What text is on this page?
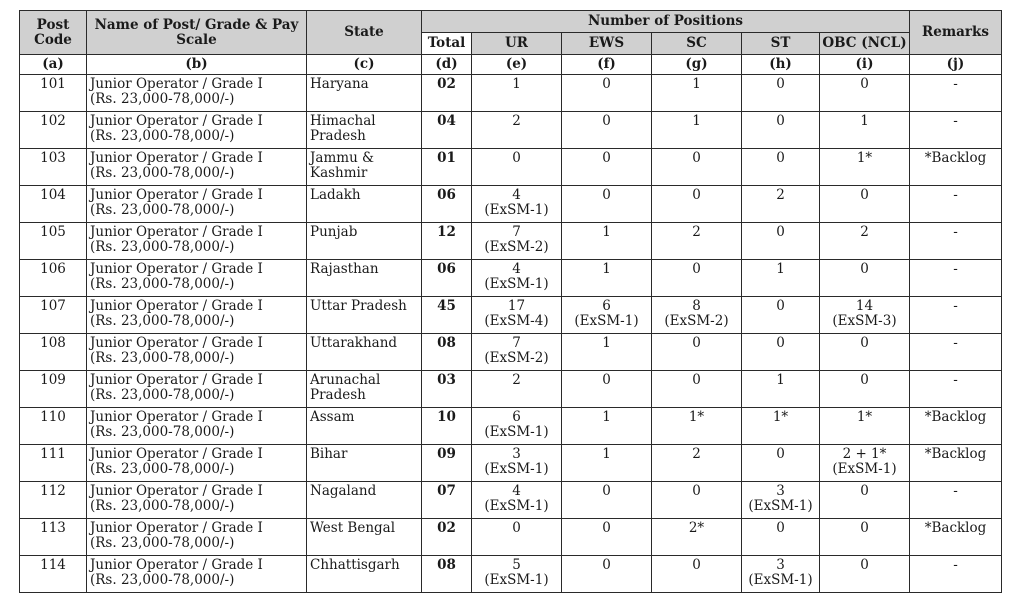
Post Code	Name of Post/ Grade & Pay Scale	State	Number of Positions						Remarks
			Total	UR	EWS	SC	ST	OBC (NCL)	
(a)	(b)	(c)	(d)	(e)	(f)	(g)	(h)	(i)	(j)

101	Junior Operator / Grade I
(Rs. 23,000-78,000/-)	Haryana	02	1	0	1	0	0	-

102	Junior Operator / Grade I
(Rs. 23,000-78,000/-)	Himachal Pradesh	04	2	0	1	0	1	-

103	Junior Operator / Grade I
(Rs. 23,000-78,000/-)	Jammu & Kashmir	01	0	0	0	0	1*	*Backlog

104	Junior Operator / Grade I
(Rs. 23,000-78,000/-)	Ladakh	06	4
(ExSM-1)	0	0	2	0	-

105	Junior Operator / Grade I
(Rs. 23,000-78,000/-)	Punjab	12	7
(ExSM-2)	1	2	0	2	-

106	Junior Operator / Grade I
(Rs. 23,000-78,000/-)	Rajasthan	06	4
(ExSM-1)	1	0	1	0	-

107	Junior Operator / Grade I
(Rs. 23,000-78,000/-)	Uttar Pradesh	45	17
(ExSM-4)	6
(ExSM-1)	8
(ExSM-2)	0	14
(ExSM-3)	-

108	Junior Operator / Grade I
(Rs. 23,000-78,000/-)	Uttarakhand	08	7
(ExSM-2)	1	0	0	0	-

109	Junior Operator / Grade I
(Rs. 23,000-78,000/-)	Arunachal Pradesh	03	2	0	0	1	0	-

110	Junior Operator / Grade I
(Rs. 23,000-78,000/-)	Assam	10	6
(ExSM-1)	1	1*	1*	1*	*Backlog

111	Junior Operator / Grade I
(Rs. 23,000-78,000/-)	Bihar	09	3
(ExSM-1)	1	2	0	2 + 1*
(ExSM-1)	*Backlog

112	Junior Operator / Grade I
(Rs. 23,000-78,000/-)	Nagaland	07	4
(ExSM-1)	0	0	3
(ExSM-1)	0	-

113	Junior Operator / Grade I
(Rs. 23,000-78,000/-)	West Bengal	02	0	0	2*	0	0	*Backlog

114	Junior Operator / Grade I
(Rs. 23,000-78,000/-)	Chhattisgarh	08	5
(ExSM-1)	0	0	3
(ExSM-1)	0	-
